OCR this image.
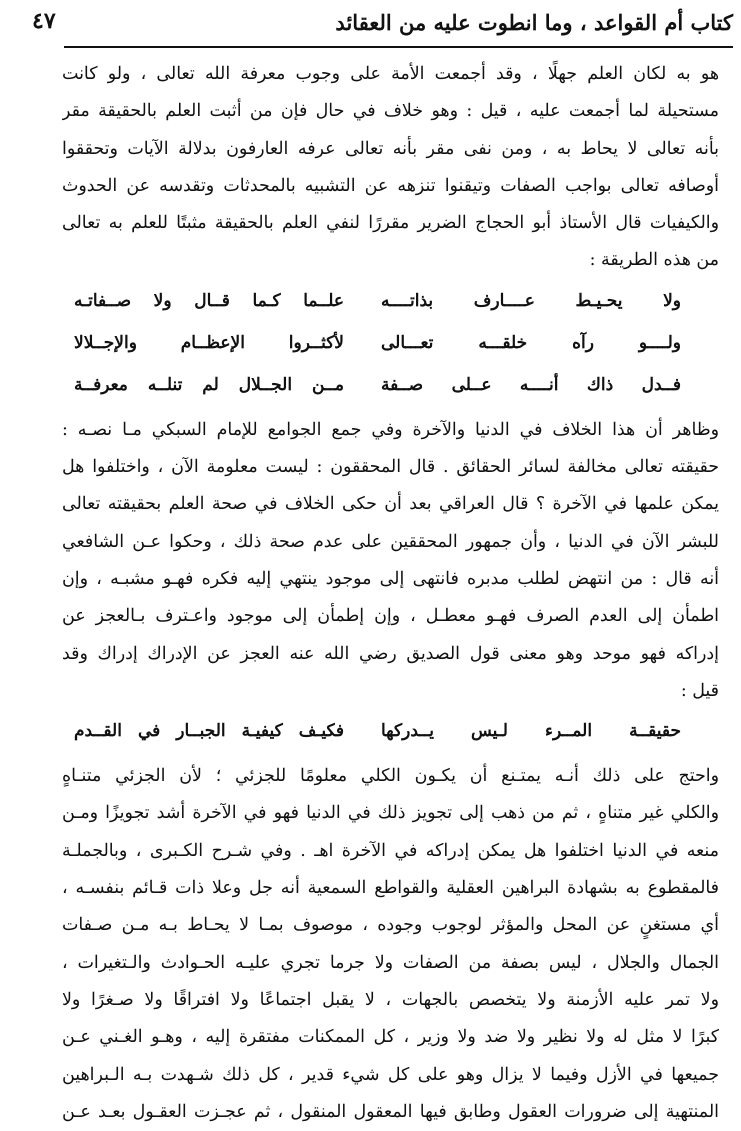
كتاب أم القواعد ، وما انطوت عليه من العقائد
٤٧
هو به لكان العلم جهلًا ، وقد أجمعت الأمة على وجوب معرفة الله تعالى ، ولو كانت
مستحيلة لما أجمعت عليه ، قيل : وهو خلاف في حال فإن من أثبت العلم بالحقيقة مقر
بأنه تعالى لا يحاط به ، ومن نفى مقر بأنه تعالى عرفه العارفون بدلالة الآيات وتحققوا
أوصافه تعالى بواجب الصفات وتيقنوا تنزهه عن التشبيه بالمحدثات وتقدسه عن الحدوث
والكيفيات قال الأستاذ أبو الحجاج الضرير مقررًا لنفي العلم بالحقيقة مثبتًا للعلم به تعالى
من هذه الطريقة :
ولا يحـيـط عــــارف بذاتــــه
علــما كـما قــال ولا صــفاتـه
ولــــو رآه خلقـــه تعـــالى
لأكثــروا الإعظــام والإجــلالا
فــدل ذاك أنــــه عــلى صــفة
مــن الجــلال لم تنلــه معرفــة
وظاهر أن هذا الخلاف في الدنيا والآخرة وفي جمع الجوامع للإمام السبكي مـا نصـه :
حقيقته تعالى مخالفة لسائر الحقائق . قال المحققون : ليست معلومة الآن ، واختلفوا هل
يمكن علمها في الآخرة ؟ قال العراقي بعد أن حكى الخلاف في صحة العلم بحقيقته تعالى
للبشر الآن في الدنيا ، وأن جمهور المحققين على عدم صحة ذلك ، وحكوا عـن الشافعي
أنه قال : من انتهض لطلب مدبره فانتهى إلى موجود ينتهي إليه فكره فهـو مشبـه ، وإن
اطمأن إلى العدم الصرف فهـو معطـل ، وإن إطمأن إلى موجود واعـترف بـالعجز عن
إدراكه فهو موحد وهو معنى قول الصديق رضي الله عنه العجز عن الإدراك إدراك وقد
قيل :
حقيقــة المــرء لـيس يــدركها
فكيـف كيفيـة الجبــار في القــدم
واحتج على ذلك أنـه يمتـنع أن يكـون الكلي معلومًا للجزئي ؛ لأن الجزئي متنـاهٍ
والكلي غير متناهٍ ، ثم من ذهب إلى تجويز ذلك في الدنيا فهو في الآخرة أشد تجويزًا ومـن
منعه في الدنيا اختلفوا هل يمكن إدراكه في الآخرة اهـ . وفي شـرح الكـبرى ، وبالجملـة
فالمقطوع به بشهادة البراهين العقلية والقواطع السمعية أنه جل وعلا ذات قـائم بنفسـه ،
أي مستغنٍ عن المحل والمؤثر لوجوب وجوده ، موصوف بمـا لا يحـاط بـه مـن صـفات
الجمال والجلال ، ليس بصفة من الصفات ولا جرما تجري عليـه الحـوادث والـتغيرات ،
ولا تمر عليه الأزمنة ولا يتخصص بالجهات ، لا يقبل اجتماعًا ولا افتراقًا ولا صـغرًا ولا
كبرًا لا مثل له ولا نظير ولا ضد ولا وزير ، كل الممكنات مفتقرة إليه ، وهـو الغـني عـن
جميعها في الأزل وفيما لا يزال وهو على كل شيء قدير ، كل ذلك شـهدت بـه الـبراهين
المنتهية إلى ضرورات العقول وطابق فيها المعقول المنقول ، ثم عجـزت العقـول بعـد عـن
